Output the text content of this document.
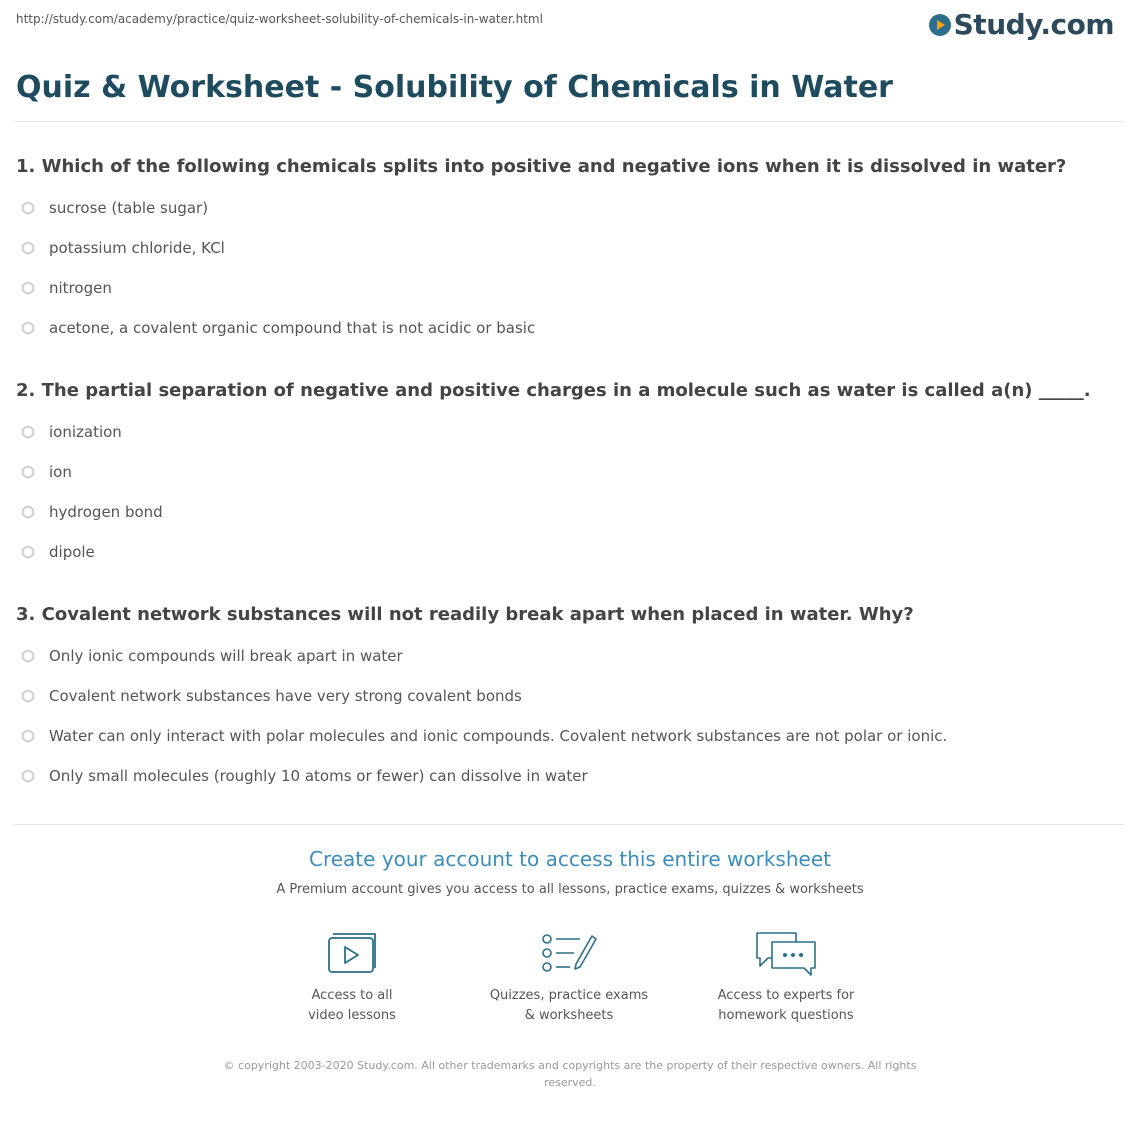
http://study.com/academy/practice/quiz-worksheet-solubility-of-chemicals-in-water.html	Study.com
Quiz & Worksheet - Solubility of Chemicals in Water
1. Which of the following chemicals splits into positive and negative ions when it is dissolved in water?
sucrose (table sugar)
potassium chloride, KCl
nitrogen
acetone, a covalent organic compound that is not acidic or basic
2. The partial separation of negative and positive charges in a molecule such as water is called a(n) _____.
ionization
ion
hydrogen bond
dipole
3. Covalent network substances will not readily break apart when placed in water. Why?
Only ionic compounds will break apart in water
Covalent network substances have very strong covalent bonds
Water can only interact with polar molecules and ionic compounds. Covalent network substances are not polar or ionic.
Only small molecules (roughly 10 atoms or fewer) can dissolve in water
Create your account to access this entire worksheet
A Premium account gives you access to all lessons, practice exams, quizzes & worksheets
Access to all
video lessons
Quizzes, practice exams
& worksheets
Access to experts for
homework questions
© copyright 2003-2020 Study.com. All other trademarks and copyrights are the property of their respective owners. All rights
reserved.
